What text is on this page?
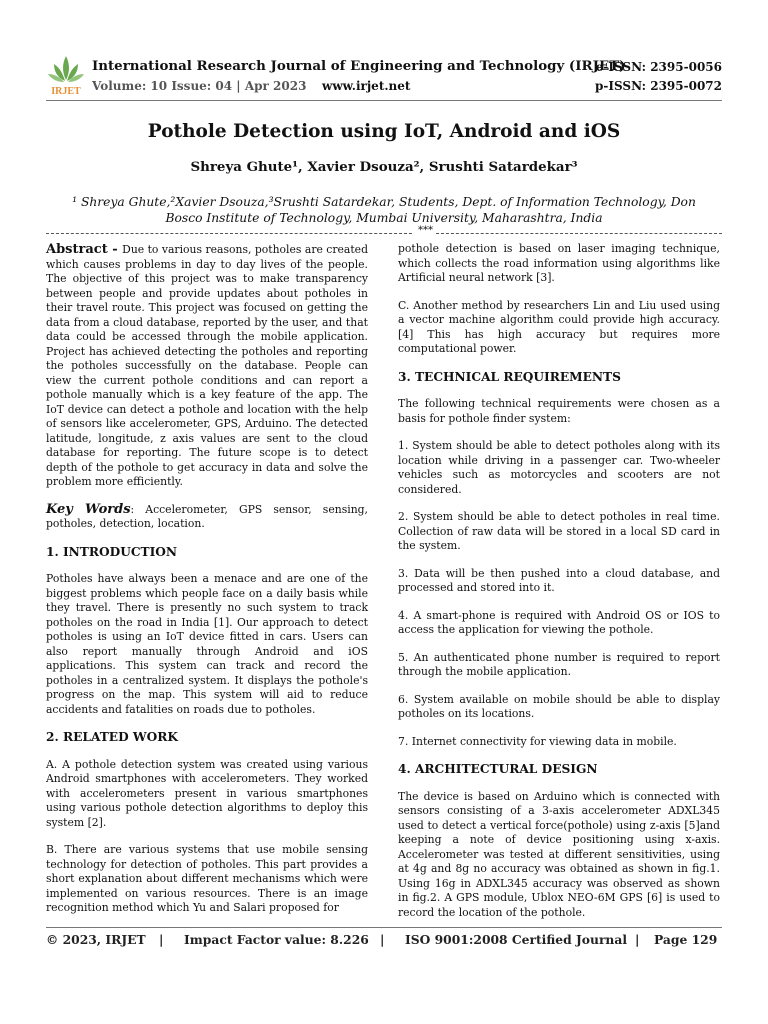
IRJET
International Research Journal of Engineering and Technology (IRJET)
Volume: 10 Issue: 04 | Apr 2023 www.irjet.net
e-ISSN: 2395-0056
p-ISSN: 2395-0072
Pothole Detection using IoT, Android and iOS
Shreya Ghute¹, Xavier Dsouza², Srushti Satardekar³
¹ Shreya Ghute,²Xavier Dsouza,³Srushti Satardekar, Students, Dept. of Information Technology, Don Bosco Institute of Technology, Mumbai University, Maharashtra, India
***

Abstract - Due to various reasons, potholes are created which causes problems in day to day lives of the people. The objective of this project was to make transparency between people and provide updates about potholes in their travel route. This project was focused on getting the data from a cloud database, reported by the user, and that data could be accessed through the mobile application. Project has achieved detecting the potholes and reporting the potholes successfully on the database. People can view the current pothole conditions and can report a pothole manually which is a key feature of the app. The IoT device can detect a pothole and location with the help of sensors like accelerometer, GPS, Arduino. The detected latitude, longitude, z axis values are sent to the cloud database for reporting. The future scope is to detect depth of the pothole to get accuracy in data and solve the problem more efficiently.

Key Words: Accelerometer, GPS sensor, sensing, potholes, detection, location.

1. INTRODUCTION

Potholes have always been a menace and are one of the biggest problems which people face on a daily basis while they travel. There is presently no such system to track potholes on the road in India [1]. Our approach to detect potholes is using an IoT device fitted in cars. Users can also report manually through Android and iOS applications. This system can track and record the potholes in a centralized system. It displays the pothole's progress on the map. This system will aid to reduce accidents and fatalities on roads due to potholes.

2. RELATED WORK

A. A pothole detection system was created using various Android smartphones with accelerometers. They worked with accelerometers present in various smartphones using various pothole detection algorithms to deploy this system [2].

B. There are various systems that use mobile sensing technology for detection of potholes. This part provides a short explanation about different mechanisms which were implemented on various resources. There is an image recognition method which Yu and Salari proposed for

pothole detection is based on laser imaging technique, which collects the road information using algorithms like Artificial neural network [3].

C. Another method by researchers Lin and Liu used using a vector machine algorithm could provide high accuracy.[4] This has high accuracy but requires more computational power.

3. TECHNICAL REQUIREMENTS

The following technical requirements were chosen as a basis for pothole finder system:

1. System should be able to detect potholes along with its location while driving in a passenger car. Two-wheeler vehicles such as motorcycles and scooters are not considered.

2. System should be able to detect potholes in real time. Collection of raw data will be stored in a local SD card in the system.

3. Data will be then pushed into a cloud database, and processed and stored into it.

4. A smart-phone is required with Android OS or IOS to access the application for viewing the pothole.

5. An authenticated phone number is required to report through the mobile application.

6. System available on mobile should be able to display potholes on its locations.

7. Internet connectivity for viewing data in mobile.

4. ARCHITECTURAL DESIGN

The device is based on Arduino which is connected with sensors consisting of a 3-axis accelerometer ADXL345 used to detect a vertical force(pothole) using z-axis [5]and keeping a note of device positioning using x-axis. Accelerometer was tested at different sensitivities, using at 4g and 8g no accuracy was obtained as shown in fig.1. Using 16g in ADXL345 accuracy was observed as shown in fig.2. A GPS module, Ublox NEO-6M GPS [6] is used to record the location of the pothole.

© 2023, IRJET	|	Impact Factor value: 8.226 |	ISO 9001:2008 Certified Journal |	Page 129
